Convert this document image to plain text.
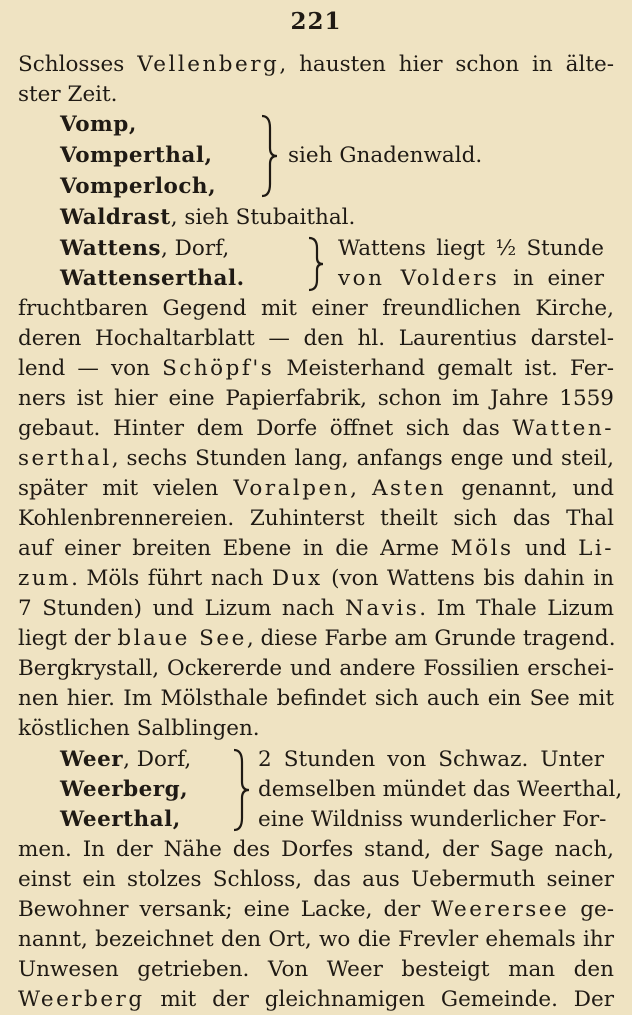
221
Schlosses Vellenberg, hausten hier schon in älte-
ster Zeit.
Vomp,
Vomperthal,
Vomperloch,
sieh Gnadenwald.
Waldrast, sieh Stubaithal.
Wattens, Dorf,
Wattenserthal.
Wattens liegt ½ Stunde
von Volders in einer
fruchtbaren Gegend mit einer freundlichen Kirche,
deren Hochaltarblatt — den hl. Laurentius darstel-
lend — von Schöpf's Meisterhand gemalt ist. Fer-
ners ist hier eine Papierfabrik, schon im Jahre 1559
gebaut. Hinter dem Dorfe öffnet sich das Watten-
serthal, sechs Stunden lang, anfangs enge und steil,
später mit vielen Voralpen, Asten genannt, und
Kohlenbrennereien. Zuhinterst theilt sich das Thal
auf einer breiten Ebene in die Arme Möls und Li-
zum. Möls führt nach Dux (von Wattens bis dahin in
7 Stunden) und Lizum nach Navis. Im Thale Lizum
liegt der blaue See, diese Farbe am Grunde tragend.
Bergkrystall, Ockererde und andere Fossilien erschei-
nen hier. Im Mölsthale befindet sich auch ein See mit
köstlichen Salblingen.
Weer, Dorf,
Weerberg,
Weerthal,
2 Stunden von Schwaz. Unter
demselben mündet das Weerthal,
eine Wildniss wunderlicher For-
men. In der Nähe des Dorfes stand, der Sage nach,
einst ein stolzes Schloss, das aus Uebermuth seiner
Bewohner versank; eine Lacke, der Weerersee ge-
nannt, bezeichnet den Ort, wo die Frevler ehemals ihr
Unwesen getrieben. Von Weer besteigt man den
Weerberg mit der gleichnamigen Gemeinde. Der
